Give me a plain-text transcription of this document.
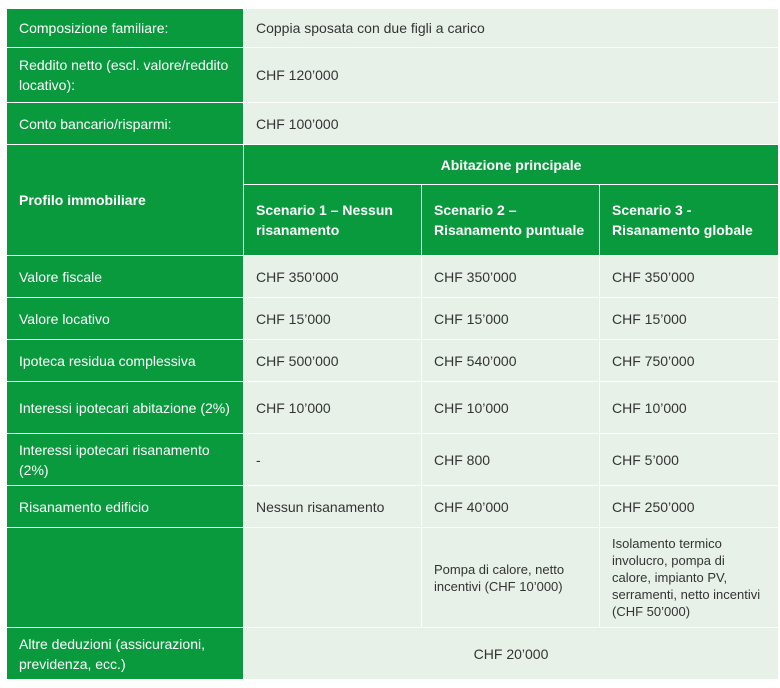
Composizione familiare:	Coppia sposata con due figli a carico		
Reddito netto (escl. valore/reddito locativo):	CHF 120’000		
Conto bancario/risparmi:	CHF 100’000		
Profilo immobiliare	Abitazione principale		
	Scenario 1 – Nessun risanamento	Scenario 2 – Risanamento puntuale	Scenario 3 - Risanamento globale
Valore fiscale	CHF 350’000	CHF 350’000	CHF 350’000
Valore locativo	CHF 15’000	CHF 15’000	CHF 15’000
Ipoteca residua complessiva	CHF 500’000	CHF 540’000	CHF 750’000
Interessi ipotecari abitazione (2%)	CHF 10’000	CHF 10’000	CHF 10’000
Interessi ipotecari risanamento (2%)	-	CHF 800	CHF 5’000
Risanamento edificio	Nessun risanamento	CHF 40’000	CHF 250’000
		Pompa di calore, netto incentivi (CHF 10’000)	Isolamento termico involucro, pompa di calore, impianto PV, serramenti, netto incentivi (CHF 50’000)
Altre deduzioni (assicurazioni, previdenza, ecc.)	CHF 20’000		
